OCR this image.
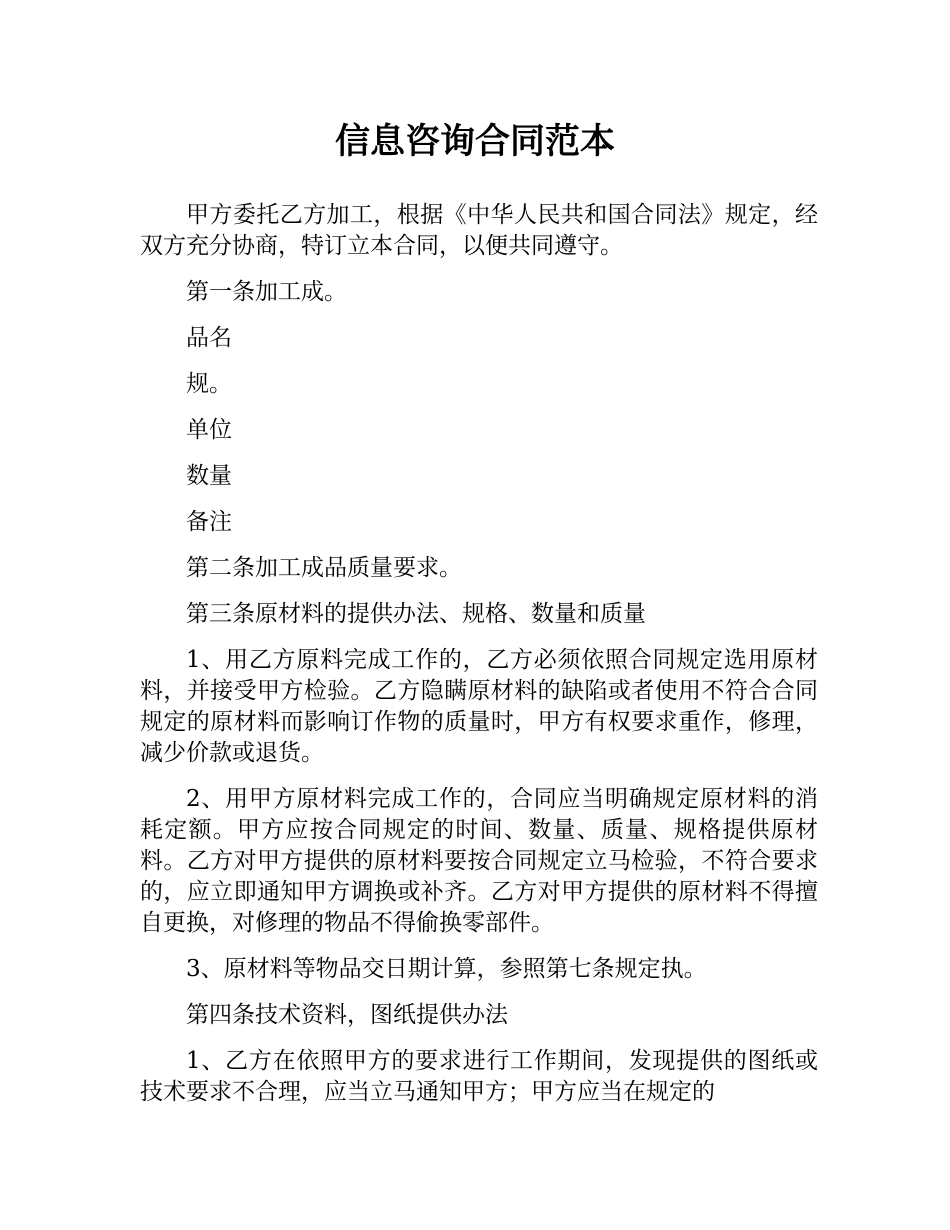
信息咨询合同范本

甲方委托乙方加工，根据《中华人民共和国合同法》规定，经双方充分协商，特订立本合同，以便共同遵守。

第一条加工成。

品名

规。

单位

数量

备注

第二条加工成品质量要求。

第三条原材料的提供办法、规格、数量和质量

1、用乙方原料完成工作的，乙方必须依照合同规定选用原材料，并接受甲方检验。乙方隐瞒原材料的缺陷或者使用不符合合同规定的原材料而影响订作物的质量时，甲方有权要求重作，修理，减少价款或退货。

2、用甲方原材料完成工作的，合同应当明确规定原材料的消耗定额。甲方应按合同规定的时间、数量、质量、规格提供原材料。乙方对甲方提供的原材料要按合同规定立马检验，不符合要求的，应立即通知甲方调换或补齐。乙方对甲方提供的原材料不得擅自更换，对修理的物品不得偷换零部件。

3、原材料等物品交日期计算，参照第七条规定执。

第四条技术资料，图纸提供办法

1、乙方在依照甲方的要求进行工作期间，发现提供的图纸或技术要求不合理，应当立马通知甲方；甲方应当在规定的
